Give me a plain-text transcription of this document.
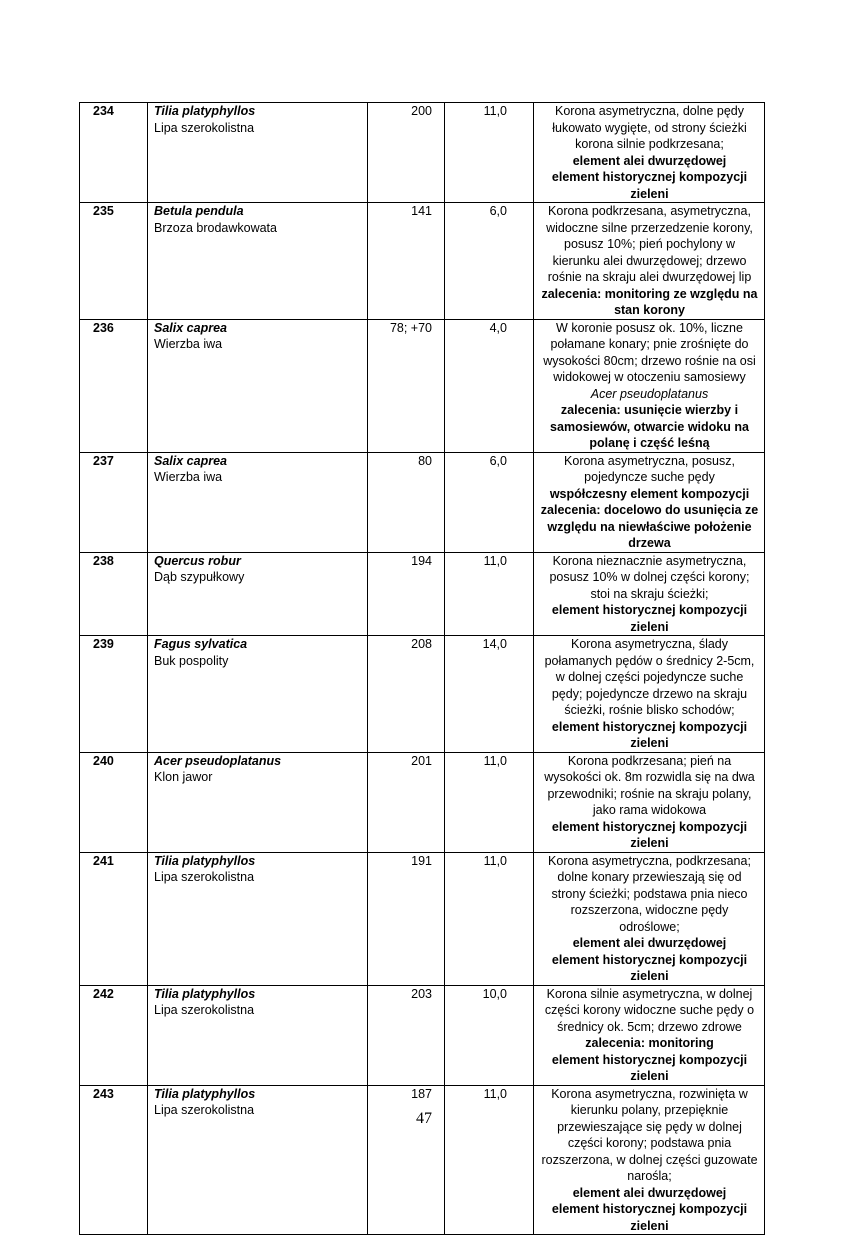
234	Tilia platyphyllos
Lipa szerokolistna	200	11,0	Korona asymetryczna, dolne pędy łukowato wygięte, od strony ścieżki korona silnie podkrzesana;
element alei dwurzędowej
element historycznej kompozycji zieleni

235	Betula pendula
Brzoza brodawkowata	141	6,0	Korona podkrzesana, asymetryczna, widoczne silne przerzedzenie korony, posusz 10%; pień pochylony w kierunku alei dwurzędowej; drzewo rośnie na skraju alei dwurzędowej lip
zalecenia: monitoring ze względu na stan korony

236	Salix caprea
Wierzba iwa	78; +70	4,0	W koronie posusz ok. 10%, liczne połamane konary; pnie zrośnięte do wysokości 80cm; drzewo rośnie na osi widokowej w otoczeniu samosiewy Acer pseudoplatanus
zalecenia: usunięcie wierzby i samosiewów, otwarcie widoku na polanę i część leśną

237	Salix caprea
Wierzba iwa	80	6,0	Korona asymetryczna, posusz, pojedyncze suche pędy
współczesny element kompozycji
zalecenia: docelowo do usunięcia ze względu na niewłaściwe położenie drzewa

238	Quercus robur
Dąb szypułkowy	194	11,0	Korona nieznacznie asymetryczna, posusz 10% w dolnej części korony; stoi na skraju ścieżki;
element historycznej kompozycji zieleni

239	Fagus sylvatica
Buk pospolity	208	14,0	Korona asymetryczna, ślady połamanych pędów o średnicy 2-5cm, w dolnej części pojedyncze suche pędy; pojedyncze drzewo na skraju ścieżki, rośnie blisko schodów;
element historycznej kompozycji zieleni

240	Acer pseudoplatanus
Klon jawor	201	11,0	Korona podkrzesana; pień na wysokości ok. 8m rozwidla się na dwa przewodniki; rośnie na skraju polany, jako rama widokowa
element historycznej kompozycji zieleni

241	Tilia platyphyllos
Lipa szerokolistna	191	11,0	Korona asymetryczna, podkrzesana; dolne konary przewieszają się od strony ścieżki; podstawa pnia nieco rozszerzona, widoczne pędy odroślowe;
element alei dwurzędowej
element historycznej kompozycji zieleni

242	Tilia platyphyllos
Lipa szerokolistna	203	10,0	Korona silnie asymetryczna, w dolnej części korony widoczne suche pędy o średnicy ok. 5cm; drzewo zdrowe
zalecenia: monitoring
element historycznej kompozycji zieleni

243	Tilia platyphyllos
Lipa szerokolistna	187	11,0	Korona asymetryczna, rozwinięta w kierunku polany, przepięknie przewieszające się pędy w dolnej części korony; podstawa pnia rozszerzona, w dolnej części guzowate narośla;
element alei dwurzędowej
element historycznej kompozycji zieleni
47
